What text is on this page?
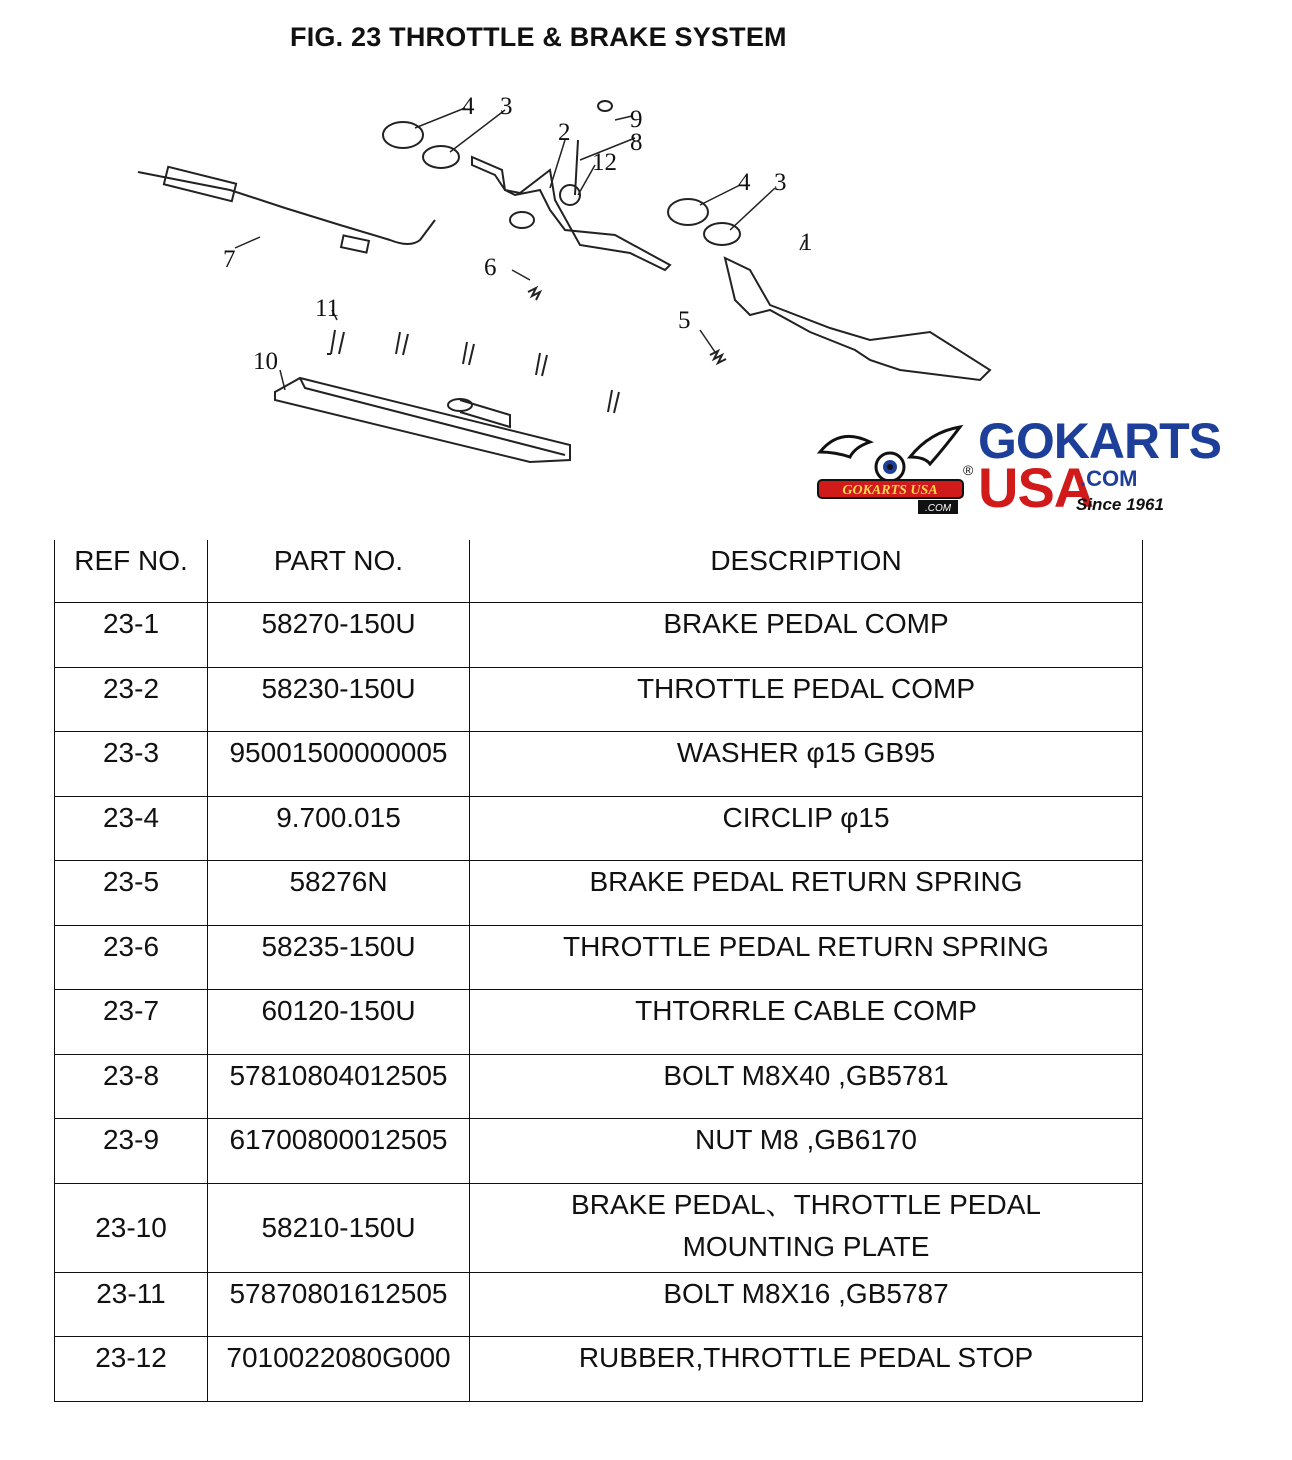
FIG. 23 THROTTLE & BRAKE SYSTEM
4 3
2 9
8
12
4 3
1
7	6
5
11
10
GOKARTS USA
.COM
GOKARTS
® USA
.COM
Since 1961
REF NO.	PART NO.	DESCRIPTION
23-1	58270-150U	BRAKE PEDAL COMP
23-2	58230-150U	THROTTLE PEDAL COMP
23-3	95001500000005	WASHER φ15 GB95
23-4	9.700.015	CIRCLIP φ15
23-5	58276N	BRAKE PEDAL RETURN SPRING
23-6	58235-150U	THROTTLE PEDAL RETURN SPRING
23-7	60120-150U	THTORRLE CABLE COMP
23-8	57810804012505	BOLT M8X40 ,GB5781
23-9	61700800012505	NUT M8 ,GB6170
23-10	58210-150U	BRAKE PEDAL、THROTTLE PEDAL
MOUNTING PLATE

23-11	57870801612505	BOLT M8X16 ,GB5787
23-12	7010022080G000	RUBBER,THROTTLE PEDAL STOP
